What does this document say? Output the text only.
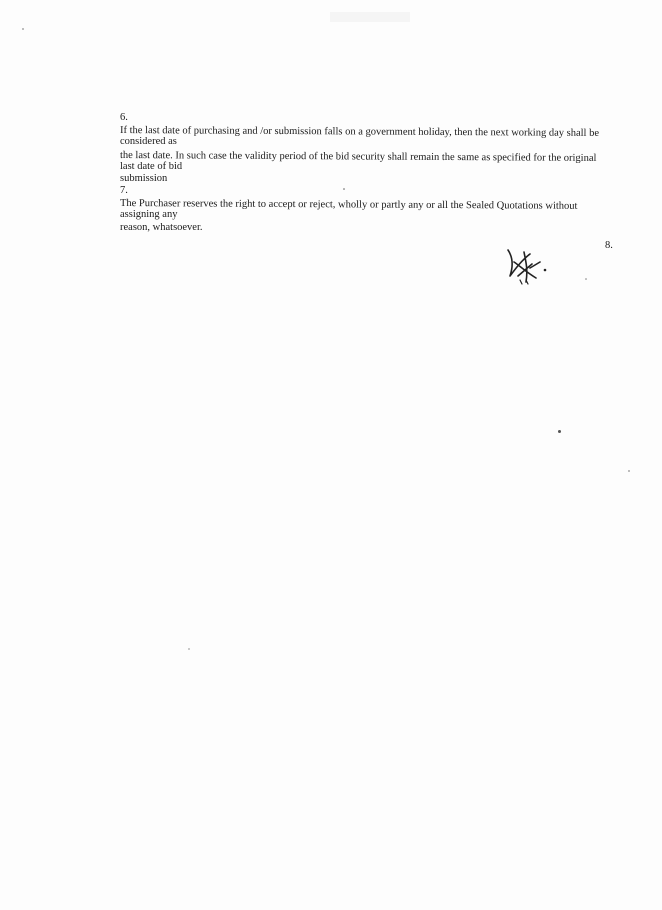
6.
If the last date of purchasing and /or submission falls on a government holiday, then the next working day shall be
considered as
the last date. In such case the validity period of the bid security shall remain the same as specified for the original
last date of bid
submission
7.
The Purchaser reserves the right to accept or reject, wholly or partly any or all the Sealed Quotations without
assigning any
reason, whatsoever.
8.
